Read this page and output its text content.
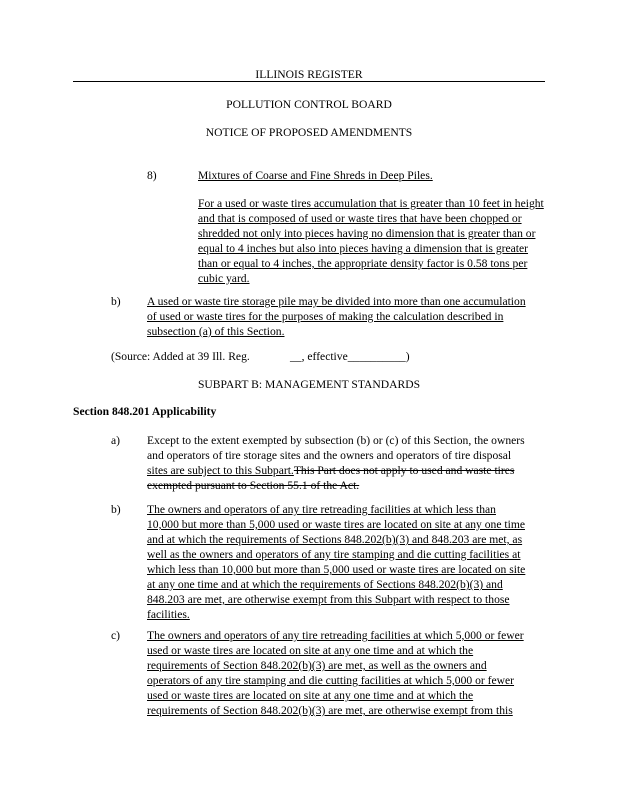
ILLINOIS REGISTER
POLLUTION CONTROL BOARD
NOTICE OF PROPOSED AMENDMENTS
8)	Mixtures of Coarse and Fine Shreds in Deep Piles.
For a used or waste tires accumulation that is greater than 10 feet in height
and that is composed of used or waste tires that have been chopped or
shredded not only into pieces having no dimension that is greater than or
equal to 4 inches but also into pieces having a dimension that is greater
than or equal to 4 inches, the appropriate density factor is 0.58 tons per
cubic yard.
b) A used or waste tire storage pile may be divided into more than one accumulation
of used or waste tires for the purposes of making the calculation described in
subsection (a) of this Section.
(Source: Added at 39 Ill. Reg.	__, effective__________)
SUBPART B: MANAGEMENT STANDARDS
Section 848.201 Applicability
a) Except to the extent exempted by subsection (b) or (c) of this Section, the owners
and operators of tire storage sites and the owners and operators of tire disposal
sites are subject to this Subpart.This Part does not apply to used and waste tires
exempted pursuant to Section 55.1 of the Act.
b) The owners and operators of any tire retreading facilities at which less than
10,000 but more than 5,000 used or waste tires are located on site at any one time
and at which the requirements of Sections 848.202(b)(3) and 848.203 are met, as
well as the owners and operators of any tire stamping and die cutting facilities at
which less than 10,000 but more than 5,000 used or waste tires are located on site
at any one time and at which the requirements of Sections 848.202(b)(3) and
848.203 are met, are otherwise exempt from this Subpart with respect to those
facilities.
c) The owners and operators of any tire retreading facilities at which 5,000 or fewer
used or waste tires are located on site at any one time and at which the
requirements of Section 848.202(b)(3) are met, as well as the owners and
operators of any tire stamping and die cutting facilities at which 5,000 or fewer
used or waste tires are located on site at any one time and at which the
requirements of Section 848.202(b)(3) are met, are otherwise exempt from this
